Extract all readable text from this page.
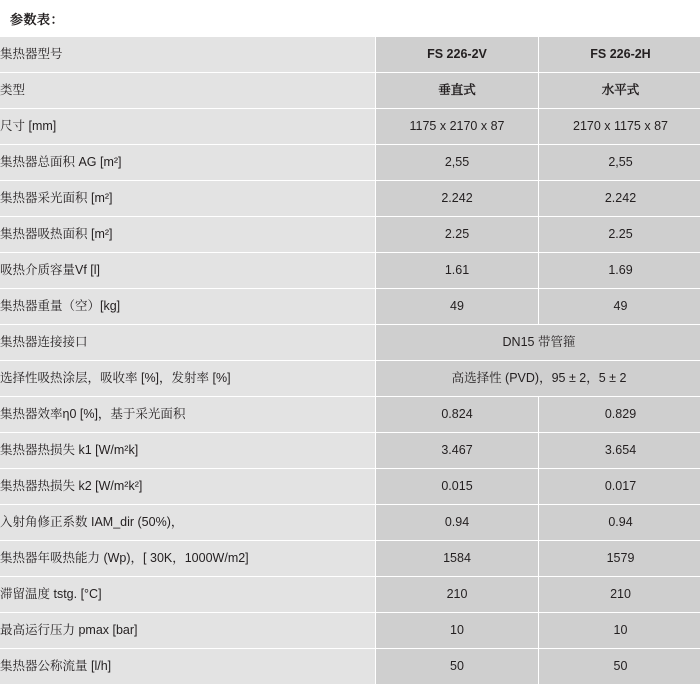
参数表：
集热器型号	FS 226-2V	FS 226-2H
类型	垂直式	水平式
尺寸 [mm]	1175 x 2170 x 87	2170 x 1175 x 87
集热器总面积 AG [m²]	2,55	2,55
集热器采光面积 [m²]	2.242	2.242
集热器吸热面积 [m²]	2.25	2.25
吸热介质容量Vf [l]	1.61	1.69
集热器重量（空）[kg]	49	49
集热器连接接口	DN15 带管箍	
选择性吸热涂层，吸收率 [%]，发射率 [%]	高选择性 (PVD)，95 ± 2，5 ± 2	
集热器效率η0 [%]，基于采光面积	0.824	0.829
集热器热损失 k1 [W/m²k]	3.467	3.654
集热器热损失 k2 [W/m²k²]	0.015	0.017
入射角修正系数 IAM_dir (50%)，	0.94	0.94
集热器年吸热能力 (Wp)，[ 30K，1000W/m2]	1584	1579
滞留温度 tstg. [°C]	210	210
最高运行压力 pmax [bar]	10	10
集热器公称流量 [l/h]	50	50
